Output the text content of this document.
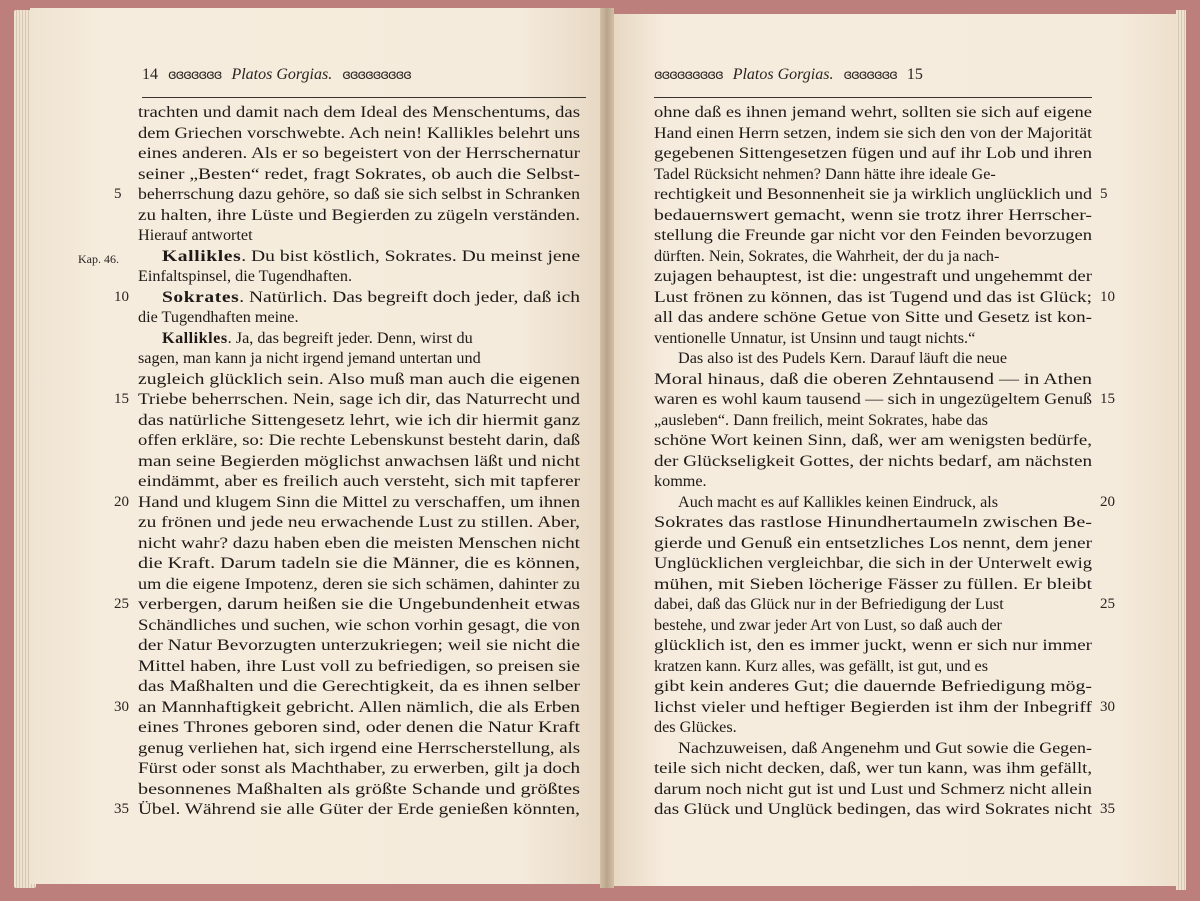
14 ɞɞɞɞɞɞɞ Platos Gorgias. ɞɞɞɞɞɞɞɞɞ	ɞɞɞɞɞɞɞɞɞ Platos Gorgias. ɞɞɞɞɞɞɞ 15
trachten und damit nach dem Ideal des Menschentums, das
dem Griechen vorschwebte. Ach nein! Kallikles belehrt uns
eines anderen. Als er so begeistert von der Herrschernatur
seiner „Besten“ redet, fragt Sokrates, ob auch die Selbst-
beherrschung dazu gehöre, so daß sie sich selbst in Schranken
zu halten, ihre Lüste und Begierden zu zügeln verständen.
Hierauf antwortet
Kallikles. Du bist köstlich, Sokrates. Du meinst jene
Einfaltspinsel, die Tugendhaften.
Sokrates. Natürlich. Das begreift doch jeder, daß ich
die Tugendhaften meine.
Kallikles. Ja, das begreift jeder. Denn, wirst du
sagen, man kann ja nicht irgend jemand untertan und
zugleich glücklich sein. Also muß man auch die eigenen
Triebe beherrschen. Nein, sage ich dir, das Naturrecht und
das natürliche Sittengesetz lehrt, wie ich dir hiermit ganz
offen erkläre, so: Die rechte Lebenskunst besteht darin, daß
man seine Begierden möglichst anwachsen läßt und nicht
eindämmt, aber es freilich auch versteht, sich mit tapferer
Hand und klugem Sinn die Mittel zu verschaffen, um ihnen
zu frönen und jede neu erwachende Lust zu stillen. Aber,
nicht wahr? dazu haben eben die meisten Menschen nicht
die Kraft. Darum tadeln sie die Männer, die es können,
um die eigene Impotenz, deren sie sich schämen, dahinter zu
verbergen, darum heißen sie die Ungebundenheit etwas
Schändliches und suchen, wie schon vorhin gesagt, die von
der Natur Bevorzugten unterzukriegen; weil sie nicht die
Mittel haben, ihre Lust voll zu befriedigen, so preisen sie
das Maßhalten und die Gerechtigkeit, da es ihnen selber
an Mannhaftigkeit gebricht. Allen nämlich, die als Erben
eines Thrones geboren sind, oder denen die Natur Kraft
genug verliehen hat, sich irgend eine Herrscherstellung, als
Fürst oder sonst als Machthaber, zu erwerben, gilt ja doch
besonnenes Maßhalten als größte Schande und größtes
Übel. Während sie alle Güter der Erde genießen könnten,
5
10
15
20
25
30
35
ohne daß es ihnen jemand wehrt, sollten sie sich auf eigene
Hand einen Herrn setzen, indem sie sich den von der Majorität
gegebenen Sittengesetzen fügen und auf ihr Lob und ihren
Tadel Rücksicht nehmen? Dann hätte ihre ideale Ge-
rechtigkeit und Besonnenheit sie ja wirklich unglücklich und
bedauernswert gemacht, wenn sie trotz ihrer Herrscher-
stellung die Freunde gar nicht vor den Feinden bevorzugen
dürften. Nein, Sokrates, die Wahrheit, der du ja nach-
zujagen behauptest, ist die: ungestraft und ungehemmt der
Lust frönen zu können, das ist Tugend und das ist Glück;
all das andere schöne Getue von Sitte und Gesetz ist kon-
ventionelle Unnatur, ist Unsinn und taugt nichts.“
Das also ist des Pudels Kern. Darauf läuft die neue
Moral hinaus, daß die oberen Zehntausend — in Athen
waren es wohl kaum tausend — sich in ungezügeltem Genuß
„ausleben“. Dann freilich, meint Sokrates, habe das
schöne Wort keinen Sinn, daß, wer am wenigsten bedürfe,
der Glückseligkeit Gottes, der nichts bedarf, am nächsten
komme.
Auch macht es auf Kallikles keinen Eindruck, als
Sokrates das rastlose Hinundhertaumeln zwischen Be-
gierde und Genuß ein entsetzliches Los nennt, dem jener
Unglücklichen vergleichbar, die sich in der Unterwelt ewig
mühen, mit Sieben löcherige Fässer zu füllen. Er bleibt
dabei, daß das Glück nur in der Befriedigung der Lust
bestehe, und zwar jeder Art von Lust, so daß auch der
glücklich ist, den es immer juckt, wenn er sich nur immer
kratzen kann. Kurz alles, was gefällt, ist gut, und es
gibt kein anderes Gut; die dauernde Befriedigung mög-
lichst vieler und heftiger Begierden ist ihm der Inbegriff
des Glückes.
Nachzuweisen, daß Angenehm und Gut sowie die Gegen-
teile sich nicht decken, daß, wer tun kann, was ihm gefällt,
darum noch nicht gut ist und Lust und Schmerz nicht allein
das Glück und Unglück bedingen, das wird Sokrates nicht
5
10
15
20
25
30
35
Kap. 46.
